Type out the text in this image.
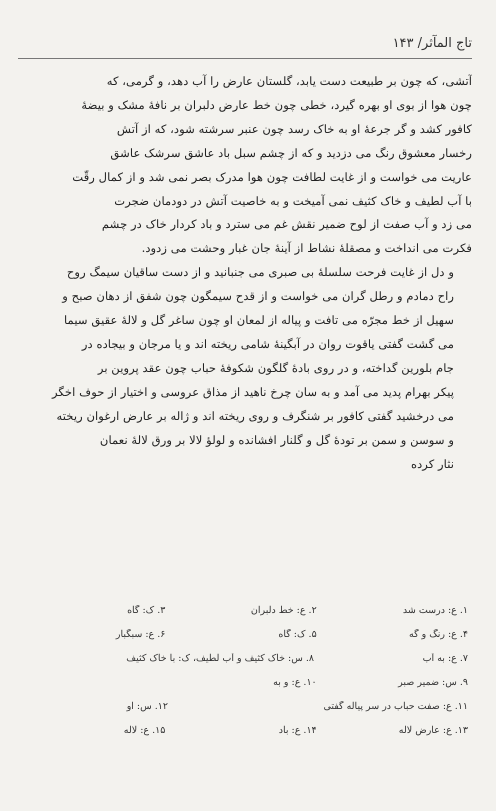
تاج المآثر/ ۱۴۳
آتشی، که چون بر طبیعت دست یابد، گلستان عارض را آب دهد، و گرمی، که
چون هوا از بوی او بهره گیرد، خطی چون خط عارض دلبران بر نافهٔ مشک و بیضهٔ
کافور کشد و گر جرعهٔ او به خاک رسد چون عنبر سرشته شود، که از آتش
رخسار معشوق رنگ می دزدید و که از چشم سبل باد عاشق سرشک عاشق
عاریت می خواست و از غایت لطافت چون هوا مدرک بصر نمی شد و از کمال رقّت
با آب لطیف و خاک کثیف نمی آمیخت و به خاصیت آتش در دودمان ضجرت
می زد و آب صفت از لوح ضمیر نقش غم می سترد و باد کردار خاک در چشم
فکرت می انداخت و مصقلهٔ نشاط از آینهٔ جان غبار وحشت می زدود.
و دل از غایت فرحت سلسلهٔ بی صبری می جنبانید و از دست ساقیان سیمگ روح
راح دمادم و رطل گران می خواست و از قدح سیمگون چون شفق از دهان صبح و
سهیل از خط مجرّه می تافت و پیاله از لمعان او چون ساغر گل و لالهٔ عقیق سیما
می گشت گفتی یاقوت روان در آبگینهٔ شامی ریخته اند و یا مرجان و بیجاده در
جام بلورین گداخته، و در روی بادهٔ گلگون شکوفهٔ حباب چون عقد پروین بر
پیکر بهرام پدید می آمد و به سان چرخ ناهید از مذاق عروسی و اختیار از حوف اخگر
می درخشید گفتی کافور بر شنگرف و روی ریخته اند و ژاله بر عارض ارغوان ریخته
و سوسن و سمن بر تودهٔ گل و گلنار افشانده و لولؤ لالا بر ورق لالهٔ نعمان
نثار کرده
۱. ع: درست شد
۲. ع: خط دلبران
۳. ک: گاه
۴. ع: رنگ و گه
۵. ک: گاه
۶. ع: سبگبار
۷. ع: به آب
۸. س: خاک کثیف و آب لطیف، ک: با خاک کثیف
۹. س: ضمیر صبر
۱۰. ع: و به
۱۱. ع: صفت حباب در سر پیاله گفتی
۱۲. س: او
۱۳. ع: عارض لاله
۱۴. ع: باد
۱۵. ع: لاله
